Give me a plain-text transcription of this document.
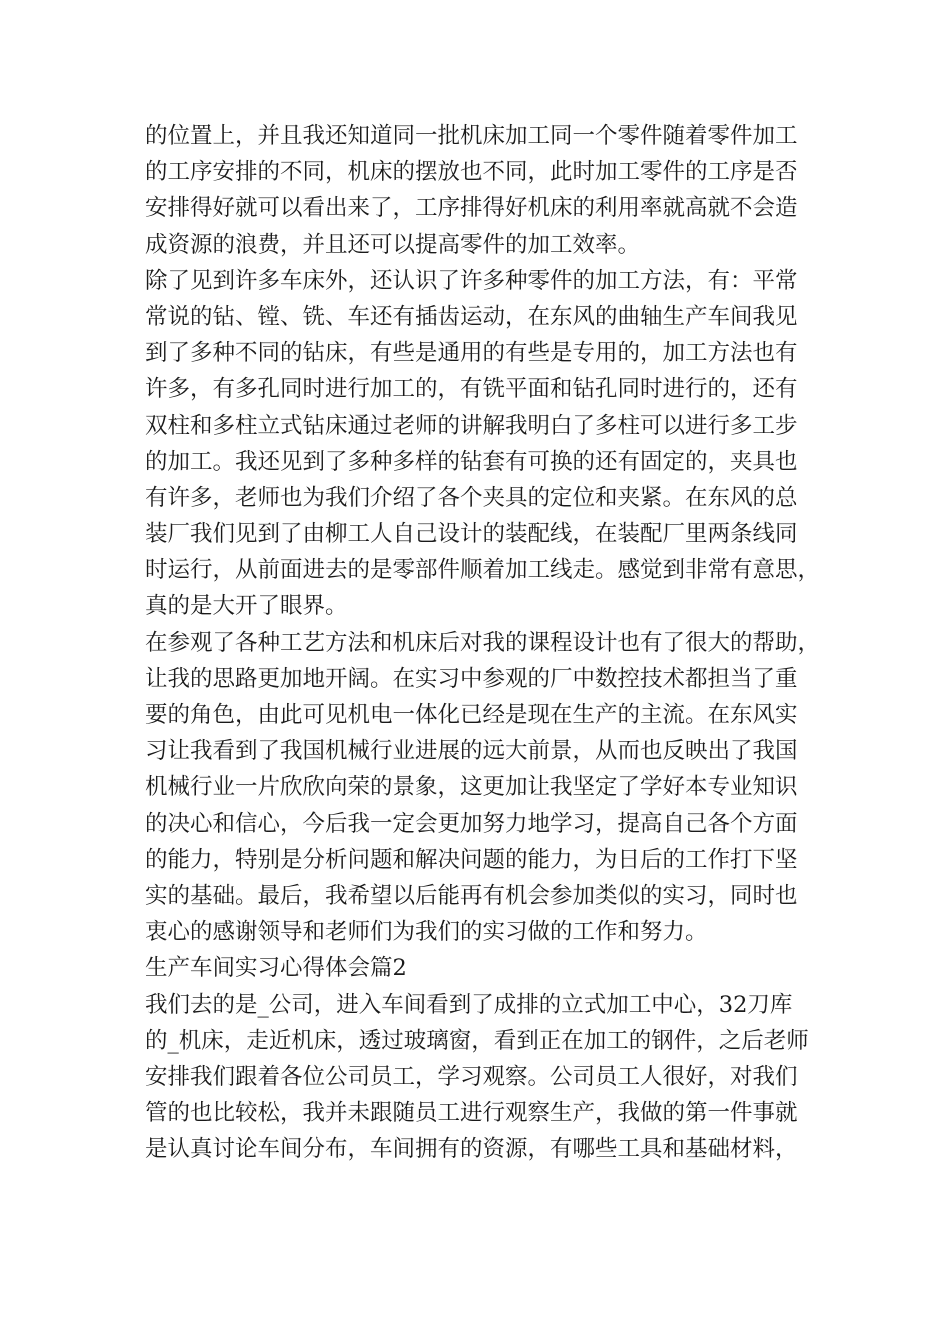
的位置上，并且我还知道同一批机床加工同一个零件随着零件加工
的工序安排的不同，机床的摆放也不同，此时加工零件的工序是否
安排得好就可以看出来了，工序排得好机床的利用率就高就不会造
成资源的浪费，并且还可以提高零件的加工效率。
除了见到许多车床外，还认识了许多种零件的加工方法，有：平常
常说的钻、镗、铣、车还有插齿运动，在东风的曲轴生产车间我见
到了多种不同的钻床，有些是通用的有些是专用的，加工方法也有
许多，有多孔同时进行加工的，有铣平面和钻孔同时进行的，还有
双柱和多柱立式钻床通过老师的讲解我明白了多柱可以进行多工步
的加工。我还见到了多种多样的钻套有可换的还有固定的，夹具也
有许多，老师也为我们介绍了各个夹具的定位和夹紧。在东风的总
装厂我们见到了由柳工人自己设计的装配线，在装配厂里两条线同
时运行，从前面进去的是零部件顺着加工线走。感觉到非常有意思，
真的是大开了眼界。
在参观了各种工艺方法和机床后对我的课程设计也有了很大的帮助，
让我的思路更加地开阔。在实习中参观的厂中数控技术都担当了重
要的角色，由此可见机电一体化已经是现在生产的主流。在东风实
习让我看到了我国机械行业进展的远大前景，从而也反映出了我国
机械行业一片欣欣向荣的景象，这更加让我坚定了学好本专业知识
的决心和信心，今后我一定会更加努力地学习，提高自己各个方面
的能力，特别是分析问题和解决问题的能力，为日后的工作打下坚
实的基础。最后，我希望以后能再有机会参加类似的实习，同时也
衷心的感谢领导和老师们为我们的实习做的工作和努力。
生产车间实习心得体会篇2
我们去的是_公司，进入车间看到了成排的立式加工中心，32刀库
的_机床，走近机床，透过玻璃窗，看到正在加工的钢件，之后老师
安排我们跟着各位公司员工，学习观察。公司员工人很好，对我们
管的也比较松，我并未跟随员工进行观察生产，我做的第一件事就
是认真讨论车间分布，车间拥有的资源，有哪些工具和基础材料，
